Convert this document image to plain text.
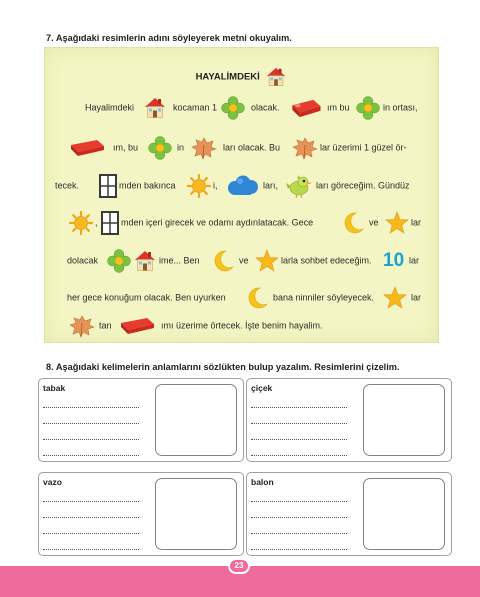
7. Aşağıdaki resimlerin adını söyleyerek metni okuyalım.
HAYALİMDEKİ
Hayalimdeki	kocaman 1	olacak.	ım bu	in ortası,
ım, bu	in	ları olacak. Bu	lar üzerimi 1 güzel ör-
tecek.	mden bakınca	i,	ları,	ları göreceğim. Gündüz
,	mden içeri girecek ve odamı aydınlatacak. Gece	ve	lar
dolacak	ime... Ben	ve	larla sohbet edeceğim. 10 lar
her gece konuğum olacak. Ben uyurken	bana ninniler söyleyecek.	lar
tan	ımı üzerime örtecek. İşte benim hayalim.
8. Aşağıdaki kelimelerin anlamlarını sözlükten bulup yazalım. Resimlerini çizelim.
tabak	çiçek
vazo	balon
23
